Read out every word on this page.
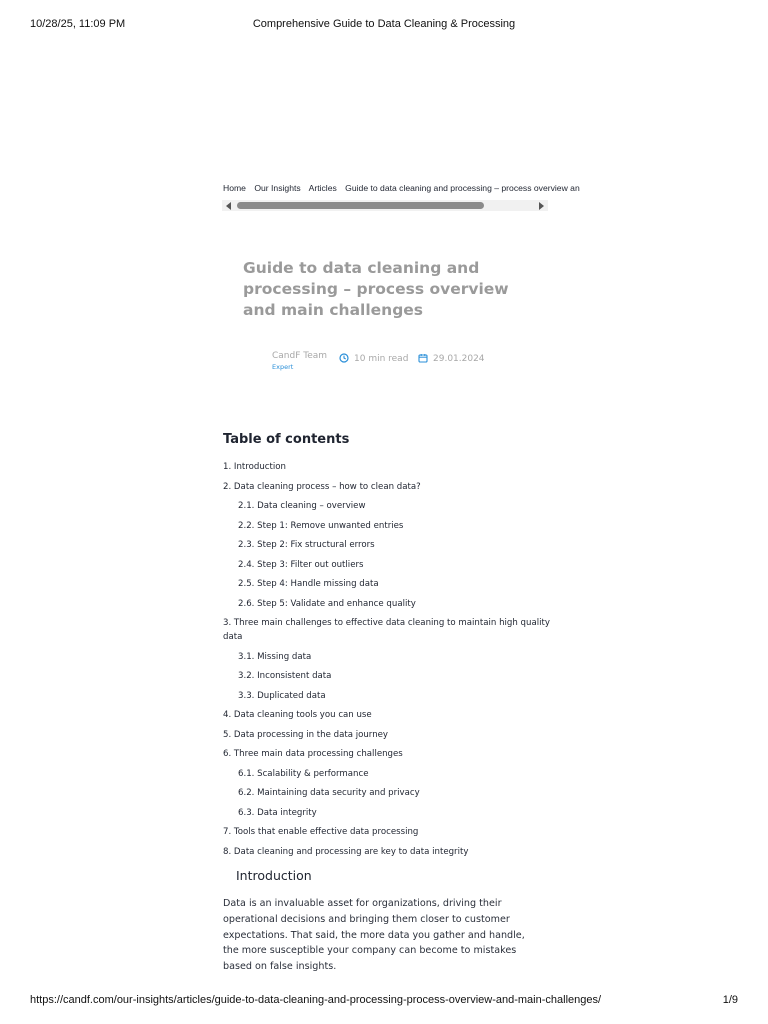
10/28/25, 11:09 PM	Comprehensive Guide to Data Cleaning & Processing
Home Our Insights Articles Guide to data cleaning and processing – process overview an
Guide to data cleaning and processing – process overview and main challenges
CandF Team
Expert
10 min read	29.01.2024
Table of contents
1. Introduction
2. Data cleaning process – how to clean data?
2.1. Data cleaning – overview
2.2. Step 1: Remove unwanted entries
2.3. Step 2: Fix structural errors
2.4. Step 3: Filter out outliers
2.5. Step 4: Handle missing data
2.6. Step 5: Validate and enhance quality
3. Three main challenges to effective data cleaning to maintain high quality data
3.1. Missing data
3.2. Inconsistent data
3.3. Duplicated data
4. Data cleaning tools you can use
5. Data processing in the data journey
6. Three main data processing challenges
6.1. Scalability & performance
6.2. Maintaining data security and privacy
6.3. Data integrity
7. Tools that enable effective data processing
8. Data cleaning and processing are key to data integrity
Introduction

Data is an invaluable asset for organizations, driving their operational decisions and bringing them closer to customer expectations. That said, the more data you gather and handle, the more susceptible your company can become to mistakes based on false insights.

https://candf.com/our-insights/articles/guide-to-data-cleaning-and-processing-process-overview-and-main-challenges/	1/9
